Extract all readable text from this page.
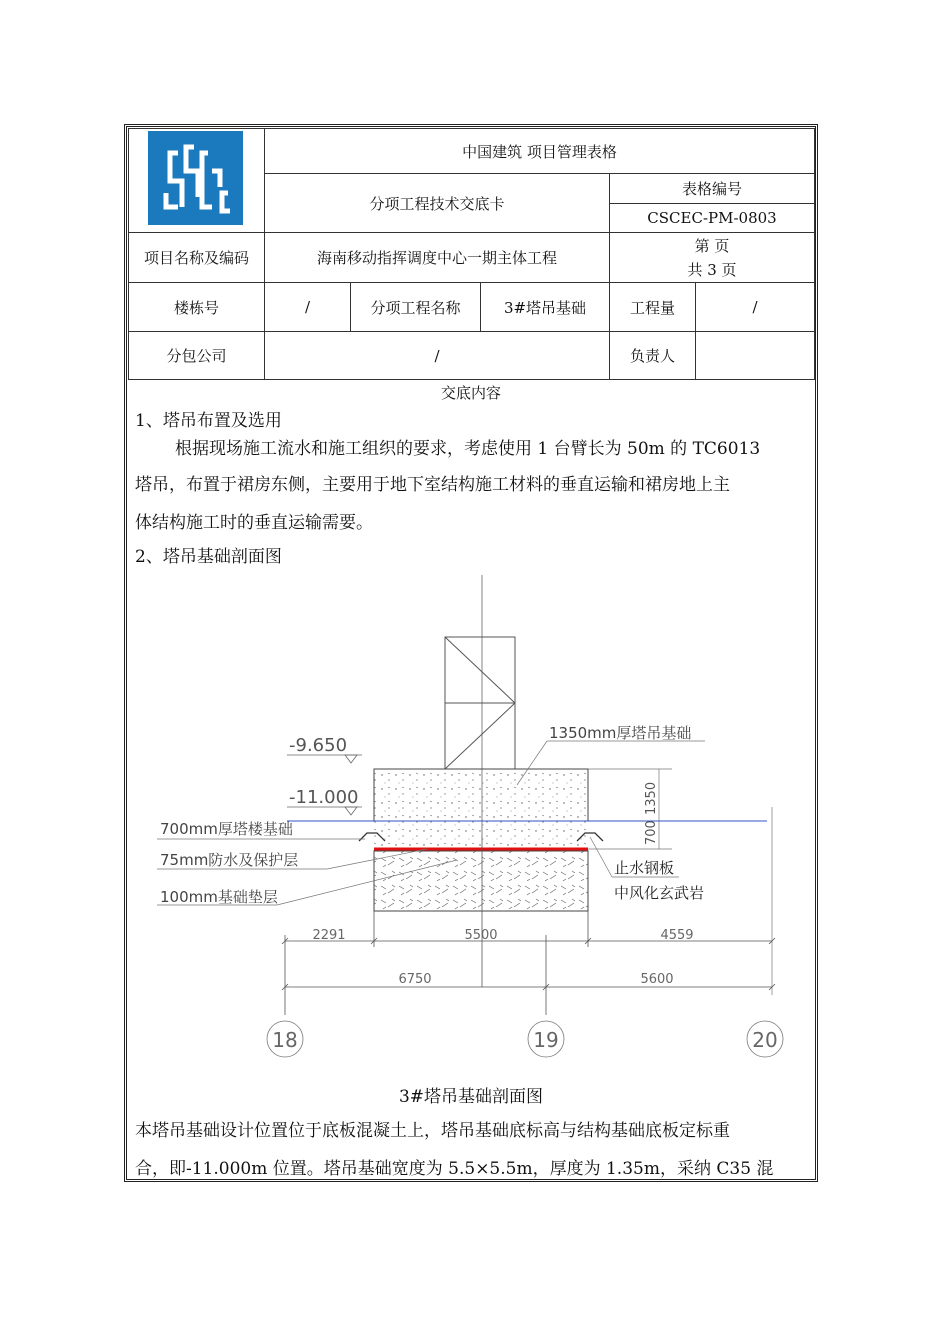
中国建筑 项目管理表格
分项工程技术交底卡
表格编号
CSCEC-PM-0803
项目名称及编码	海南移动指挥调度中心一期主体工程
第 页
共 3 页
楼栋号	/	分项工程名称	3#塔吊基础	工程量	/
分包公司	/	负责人
交底内容
1、塔吊布置及选用
根据现场施工流水和施工组织的要求，考虑使用 1 台臂长为 50m 的 TC6013
塔吊，布置于裙房东侧，主要用于地下室结构施工材料的垂直运输和裙房地上主
体结构施工时的垂直运输需要。
2、塔吊基础剖面图
-9.650
-11.000
1350mm厚塔吊基础
700mm厚塔楼基础
75mm防水及保护层
100mm基础垫层
止水钢板
中风化玄武岩
1350
700
2291	5500	4559
6750	5600
18	19	20
3#塔吊基础剖面图
本塔吊基础设计位置位于底板混凝土上，塔吊基础底标高与结构基础底板定标重
合，即-11.000m 位置。塔吊基础宽度为 5.5×5.5m，厚度为 1.35m，采纳 C35 混
